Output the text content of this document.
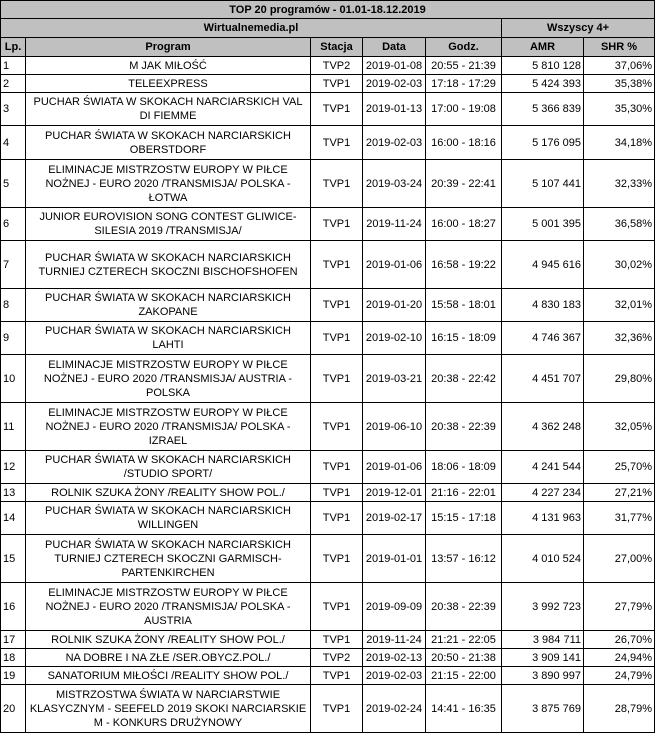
TOP 20 programów - 01.01-18.12.2019						
Wirtualnemedia.pl					Wszyscy 4+	
Lp.	Program	Stacja	Data	Godz.	AMR	SHR %
1	M JAK MIŁOŚĆ	TVP2	2019-01-08	20:55 - 21:39	5 810 128	37,06%
2	TELEEXPRESS	TVP1	2019-02-03	17:18 - 17:29	5 424 393	35,38%
3	PUCHAR ŚWIATA W SKOKACH NARCIARSKICH VAL DI FIEMME	TVP1	2019-01-13	17:00 - 19:08	5 366 839	35,30%
4	PUCHAR ŚWIATA W SKOKACH NARCIARSKICH OBERSTDORF	TVP1	2019-02-03	16:00 - 18:16	5 176 095	34,18%
5	ELIMINACJE MISTRZOSTW EUROPY W PIŁCE NOŻNEJ - EURO 2020 /TRANSMISJA/ POLSKA - ŁOTWA	TVP1	2019-03-24	20:39 - 22:41	5 107 441	32,33%
6	JUNIOR EUROVISION SONG CONTEST GLIWICE-SILESIA 2019 /TRANSMISJA/	TVP1	2019-11-24	16:00 - 18:27	5 001 395	36,58%
7	PUCHAR ŚWIATA W SKOKACH NARCIARSKICH TURNIEJ CZTERECH SKOCZNI BISCHOFSHOFEN	TVP1	2019-01-06	16:58 - 19:22	4 945 616	30,02%
8	PUCHAR ŚWIATA W SKOKACH NARCIARSKICH ZAKOPANE	TVP1	2019-01-20	15:58 - 18:01	4 830 183	32,01%
9	PUCHAR ŚWIATA W SKOKACH NARCIARSKICH LAHTI	TVP1	2019-02-10	16:15 - 18:09	4 746 367	32,36%
10	ELIMINACJE MISTRZOSTW EUROPY W PIŁCE NOŻNEJ - EURO 2020 /TRANSMISJA/ AUSTRIA - POLSKA	TVP1	2019-03-21	20:38 - 22:42	4 451 707	29,80%
11	ELIMINACJE MISTRZOSTW EUROPY W PIŁCE NOŻNEJ - EURO 2020 /TRANSMISJA/ POLSKA - IZRAEL	TVP1	2019-06-10	20:38 - 22:39	4 362 248	32,05%
12	PUCHAR ŚWIATA W SKOKACH NARCIARSKICH /STUDIO SPORT/	TVP1	2019-01-06	18:06 - 18:09	4 241 544	25,70%
13	ROLNIK SZUKA ŻONY /REALITY SHOW POL./	TVP1	2019-12-01	21:16 - 22:01	4 227 234	27,21%
14	PUCHAR ŚWIATA W SKOKACH NARCIARSKICH WILLINGEN	TVP1	2019-02-17	15:15 - 17:18	4 131 963	31,77%
15	PUCHAR ŚWIATA W SKOKACH NARCIARSKICH TURNIEJ CZTERECH SKOCZNI GARMISCH-PARTENKIRCHEN	TVP1	2019-01-01	13:57 - 16:12	4 010 524	27,00%
16	ELIMINACJE MISTRZOSTW EUROPY W PIŁCE NOŻNEJ - EURO 2020 /TRANSMISJA/ POLSKA - AUSTRIA	TVP1	2019-09-09	20:38 - 22:39	3 992 723	27,79%
17	ROLNIK SZUKA ŻONY /REALITY SHOW POL./	TVP1	2019-11-24	21:21 - 22:05	3 984 711	26,70%
18	NA DOBRE I NA ZŁE /SER.OBYCZ.POL./	TVP2	2019-02-13	20:50 - 21:38	3 909 141	24,94%
19	SANATORIUM MIŁOŚCI /REALITY SHOW POL./	TVP1	2019-02-03	21:15 - 22:00	3 890 997	24,79%
20	MISTRZOSTWA ŚWIATA W NARCIARSTWIE KLASYCZNYM - SEEFELD 2019 SKOKI NARCIARSKIE M - KONKURS DRUŻYNOWY	TVP1	2019-02-24	14:41 - 16:35	3 875 769	28,79%
